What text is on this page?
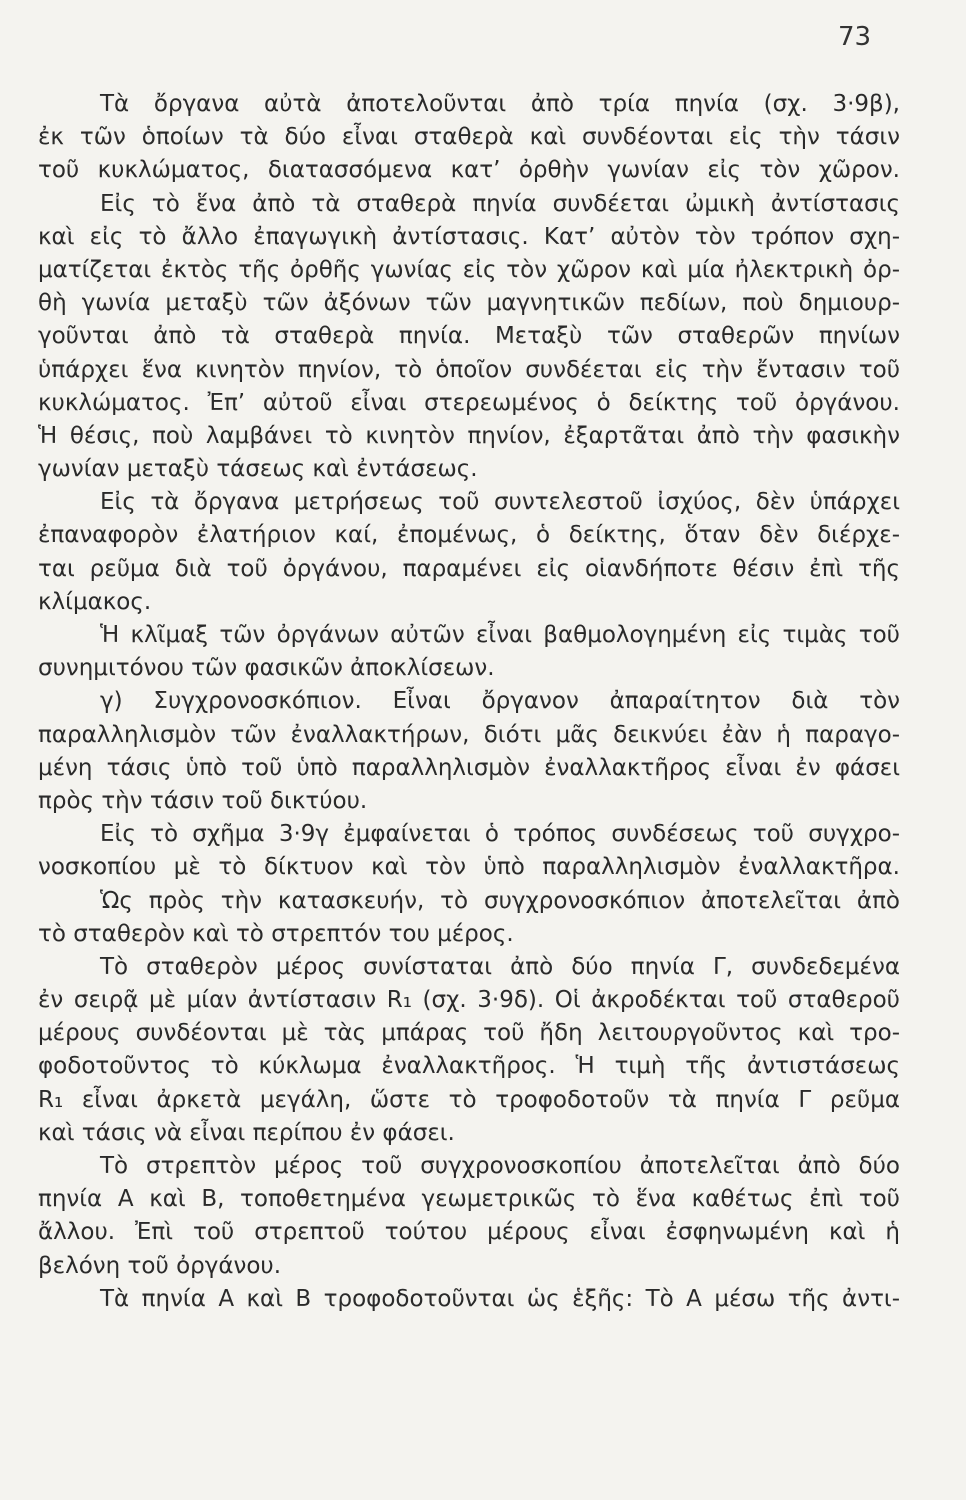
73
Τὰ ὄργανα αὐτὰ ἀποτελοῦνται ἀπὸ τρία πηνία (σχ. 3·9β),
ἐκ τῶν ὁποίων τὰ δύο εἶναι σταθερὰ καὶ συνδέονται εἰς τὴν τάσιν
τοῦ κυκλώματος, διατασσόμενα κατ’ ὀρθὴν γωνίαν εἰς τὸν χῶρον.
Εἰς τὸ ἕνα ἀπὸ τὰ σταθερὰ πηνία συνδέεται ὠμικὴ ἀντίστασις
καὶ εἰς τὸ ἄλλο ἐπαγωγικὴ ἀντίστασις. Κατ’ αὐτὸν τὸν τρόπον σχη-
ματίζεται ἐκτὸς τῆς ὀρθῆς γωνίας εἰς τὸν χῶρον καὶ μία ἠλεκτρικὴ ὀρ-
θὴ γωνία μεταξὺ τῶν ἀξόνων τῶν μαγνητικῶν πεδίων, ποὺ δημιουρ-
γοῦνται ἀπὸ τὰ σταθερὰ πηνία. Μεταξὺ τῶν σταθερῶν πηνίων
ὑπάρχει ἕνα κινητὸν πηνίον, τὸ ὁποῖον συνδέεται εἰς τὴν ἔντασιν τοῦ
κυκλώματος. Ἐπ’ αὐτοῦ εἶναι στερεωμένος ὁ δείκτης τοῦ ὀργάνου.
Ἡ θέσις, ποὺ λαμβάνει τὸ κινητὸν πηνίον, ἐξαρτᾶται ἀπὸ τὴν φασικὴν
γωνίαν μεταξὺ τάσεως καὶ ἐντάσεως.
Εἰς τὰ ὄργανα μετρήσεως τοῦ συντελεστοῦ ἰσχύος, δὲν ὑπάρχει
ἐπαναφορὸν ἐλατήριον καί, ἐπομένως, ὁ δείκτης, ὅταν δὲν διέρχε-
ται ρεῦμα διὰ τοῦ ὀργάνου, παραμένει εἰς οἱανδήποτε θέσιν ἐπὶ τῆς
κλίμακος.
Ἡ κλῖμαξ τῶν ὀργάνων αὐτῶν εἶναι βαθμολογημένη εἰς τιμὰς τοῦ
συνημιτόνου τῶν φασικῶν ἀποκλίσεων.
γ) Συγχρονοσκόπιον. Εἶναι ὄργανον ἀπαραίτητον διὰ τὸν
παραλληλισμὸν τῶν ἐναλλακτήρων, διότι μᾶς δεικνύει ἐὰν ἡ παραγο-
μένη τάσις ὑπὸ τοῦ ὑπὸ παραλληλισμὸν ἐναλλακτῆρος εἶναι ἐν φάσει
πρὸς τὴν τάσιν τοῦ δικτύου.
Εἰς τὸ σχῆμα 3·9γ ἐμφαίνεται ὁ τρόπος συνδέσεως τοῦ συγχρο-
νοσκοπίου μὲ τὸ δίκτυον καὶ τὸν ὑπὸ παραλληλισμὸν ἐναλλακτῆρα.
Ὡς πρὸς τὴν κατασκευήν, τὸ συγχρονοσκόπιον ἀποτελεῖται ἀπὸ
τὸ σταθερὸν καὶ τὸ στρεπτόν του μέρος.
Τὸ σταθερὸν μέρος συνίσταται ἀπὸ δύο πηνία Γ, συνδεδεμένα
ἐν σειρᾷ μὲ μίαν ἀντίστασιν R₁ (σχ. 3·9δ). Οἱ ἀκροδέκται τοῦ σταθεροῦ
μέρους συνδέονται μὲ τὰς μπάρας τοῦ ἤδη λειτουργοῦντος καὶ τρο-
φοδοτοῦντος τὸ κύκλωμα ἐναλλακτῆρος. Ἡ τιμὴ τῆς ἀντιστάσεως
R₁ εἶναι ἀρκετὰ μεγάλη, ὥστε τὸ τροφοδοτοῦν τὰ πηνία Γ ρεῦμα
καὶ τάσις νὰ εἶναι περίπου ἐν φάσει.
Τὸ στρεπτὸν μέρος τοῦ συγχρονοσκοπίου ἀποτελεῖται ἀπὸ δύο
πηνία Α καὶ Β, τοποθετημένα γεωμετρικῶς τὸ ἕνα καθέτως ἐπὶ τοῦ
ἄλλου. Ἐπὶ τοῦ στρεπτοῦ τούτου μέρους εἶναι ἐσφηνωμένη καὶ ἡ
βελόνη τοῦ ὀργάνου.
Τὰ πηνία Α καὶ Β τροφοδοτοῦνται ὡς ἑξῆς: Τὸ Α μέσω τῆς ἀντι-
